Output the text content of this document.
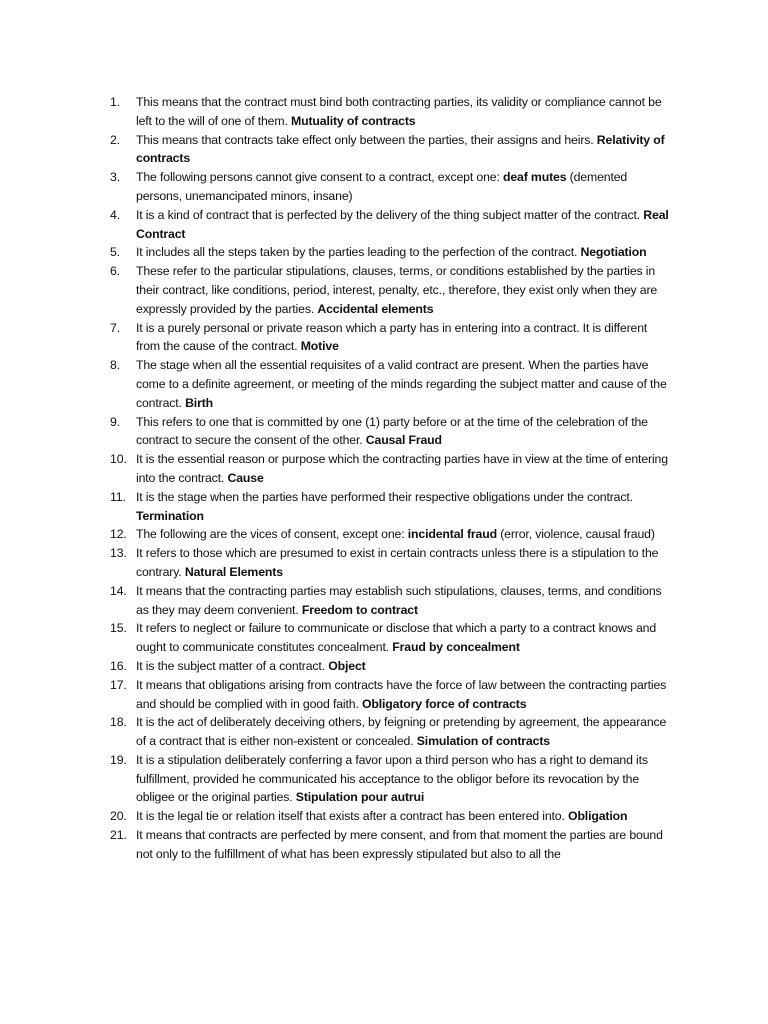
1.	This means that the contract must bind both contracting parties, its validity or compliance cannot be left to the will of one of them. Mutuality of contracts
2.	This means that contracts take effect only between the parties, their assigns and heirs. Relativity of contracts
3.	The following persons cannot give consent to a contract, except one: deaf mutes (demented persons, unemancipated minors, insane)
4.	It is a kind of contract that is perfected by the delivery of the thing subject matter of the contract. Real Contract
5.	It includes all the steps taken by the parties leading to the perfection of the contract. Negotiation
6.	These refer to the particular stipulations, clauses, terms, or conditions established by the parties in their contract, like conditions, period, interest, penalty, etc., therefore, they exist only when they are expressly provided by the parties. Accidental elements
7.	It is a purely personal or private reason which a party has in entering into a contract. It is different from the cause of the contract. Motive
8.	The stage when all the essential requisites of a valid contract are present. When the parties have come to a definite agreement, or meeting of the minds regarding the subject matter and cause of the contract. Birth
9.	This refers to one that is committed by one (1) party before or at the time of the celebration of the contract to secure the consent of the other. Causal Fraud
10. It is the essential reason or purpose which the contracting parties have in view at the time of entering into the contract. Cause
11. It is the stage when the parties have performed their respective obligations under the contract. Termination
12. The following are the vices of consent, except one: incidental fraud (error, violence, causal fraud)
13. It refers to those which are presumed to exist in certain contracts unless there is a stipulation to the contrary. Natural Elements
14. It means that the contracting parties may establish such stipulations, clauses, terms, and conditions as they may deem convenient. Freedom to contract
15. It refers to neglect or failure to communicate or disclose that which a party to a contract knows and ought to communicate constitutes concealment. Fraud by concealment
16. It is the subject matter of a contract. Object
17. It means that obligations arising from contracts have the force of law between the contracting parties and should be complied with in good faith. Obligatory force of contracts
18. It is the act of deliberately deceiving others, by feigning or pretending by agreement, the appearance of a contract that is either non-existent or concealed. Simulation of contracts
19. It is a stipulation deliberately conferring a favor upon a third person who has a right to demand its fulfillment, provided he communicated his acceptance to the obligor before its revocation by the obligee or the original parties. Stipulation pour autrui
20. It is the legal tie or relation itself that exists after a contract has been entered into. Obligation
21. It means that contracts are perfected by mere consent, and from that moment the parties are bound not only to the fulfillment of what has been expressly stipulated but also to all the
